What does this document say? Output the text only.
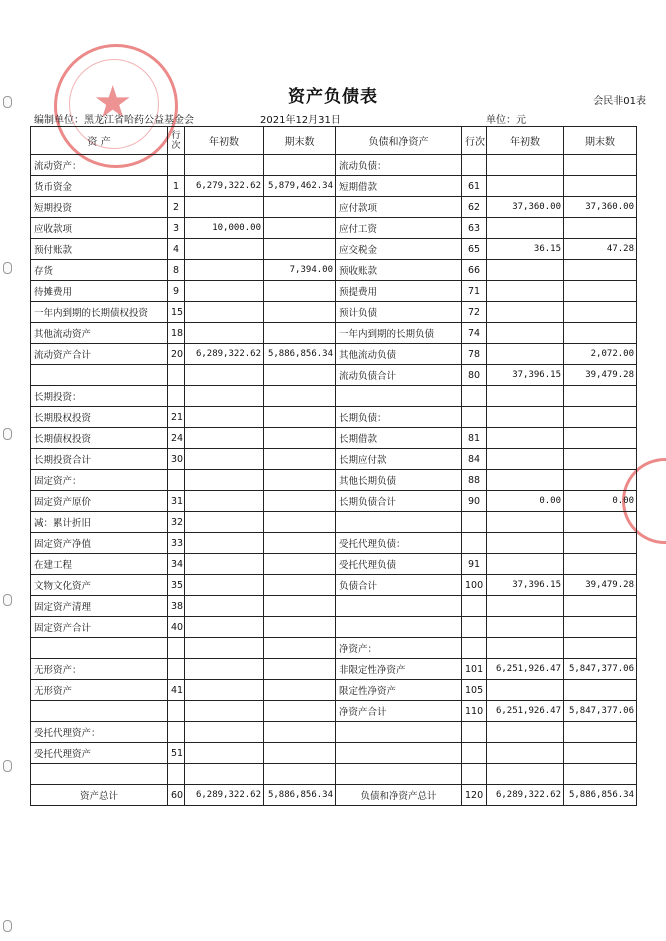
★	资产负债表	会民非01表
编制单位：黑龙江省哈药公益基金会	2021年12月31日	单位：元
资 产	行次	年初数	期末数	负债和净资产	行次	年初数	期末数
流动资产：				流动负债：			
货币资金	1	6,279,322.62	5,879,462.34	短期借款	61		
短期投资	2			应付款项	62	37,360.00	37,360.00
应收款项	3	10,000.00		应付工资	63		
预付账款	4			应交税金	65	36.15	47.28
存货	8		7,394.00	预收账款	66		
待摊费用	9			预提费用	71		
一年内到期的长期债权投资	15			预计负债	72		
其他流动资产	18			一年内到期的长期负债	74		
流动资产合计	20	6,289,322.62	5,886,856.34	其他流动负债	78		2,072.00
				流动负债合计	80	37,396.15	39,479.28
长期投资：							
长期股权投资	21			长期负债：			
长期债权投资	24			长期借款	81		
长期投资合计	30			长期应付款	84		
固定资产：				其他长期负债	88		
固定资产原价	31			长期负债合计	90	0.00	0.00
减：累计折旧	32						
固定资产净值	33			受托代理负债：			
在建工程	34			受托代理负债	91		
文物文化资产	35			负债合计	100	37,396.15	39,479.28
固定资产清理	38						
固定资产合计	40						
				净资产：			
无形资产：				非限定性净资产	101	6,251,926.47	5,847,377.06
无形资产	41			限定性净资产	105		
				净资产合计	110	6,251,926.47	5,847,377.06
受托代理资产：							
受托代理资产	51						

资产总计	60	6,289,322.62	5,886,856.34	负债和净资产总计	120	6,289,322.62	5,886,856.34
